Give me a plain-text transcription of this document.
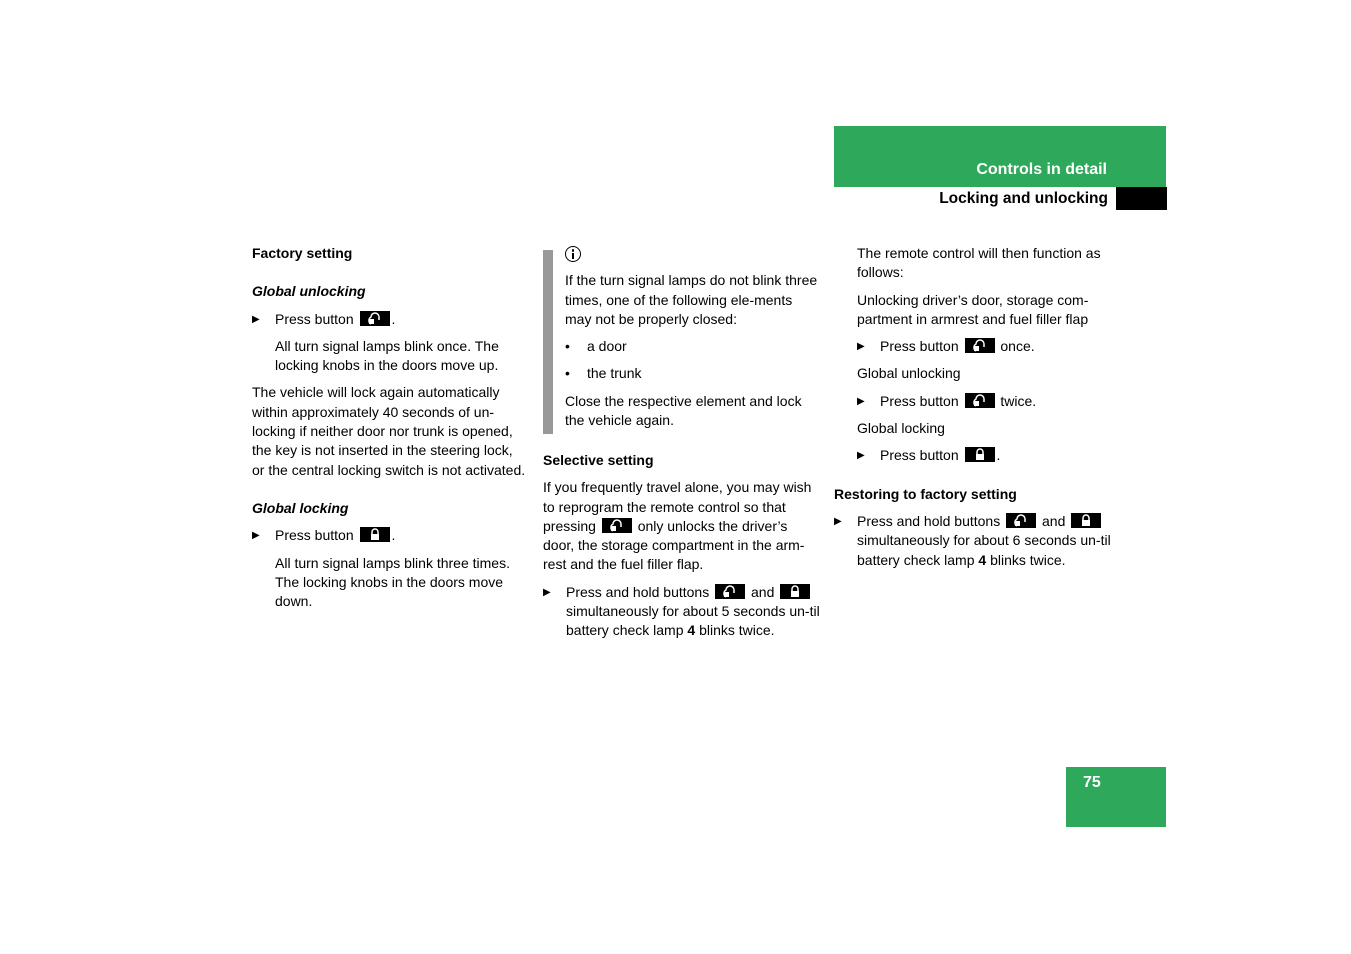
Controls in detail
Locking and unlocking

Factory setting

Global unlocking

▶ Press button	.

All turn signal lamps blink once. The locking knobs in the doors move up.

The vehicle will lock again automatically within approximately 40 seconds of un-locking if neither door nor trunk is opened, the key is not inserted in the steering lock, or the central locking switch is not activated.

Global locking

▶ Press button	.

All turn signal lamps blink three times. The locking knobs in the doors move down.

If the turn signal lamps do not blink three times, one of the following ele-ments may not be properly closed:

• a door

• the trunk

Close the respective element and lock the vehicle again.

Selective setting

If you frequently travel alone, you may wish to reprogram the remote control so that pressing	only unlocks the driver’s door, the storage compartment in the arm-rest and the fuel filler flap.

▶ Press and hold buttons	and
simultaneously for about 5 seconds un-til battery check lamp 4 blinks twice.

The remote control will then function as follows:

Unlocking driver’s door, storage com-partment in armrest and fuel filler flap

▶ Press button	once.

Global unlocking

▶ Press button	twice.

Global locking

▶ Press button	.

Restoring to factory setting

▶ Press and hold buttons	and
simultaneously for about 6 seconds un-til battery check lamp 4 blinks twice.

75
